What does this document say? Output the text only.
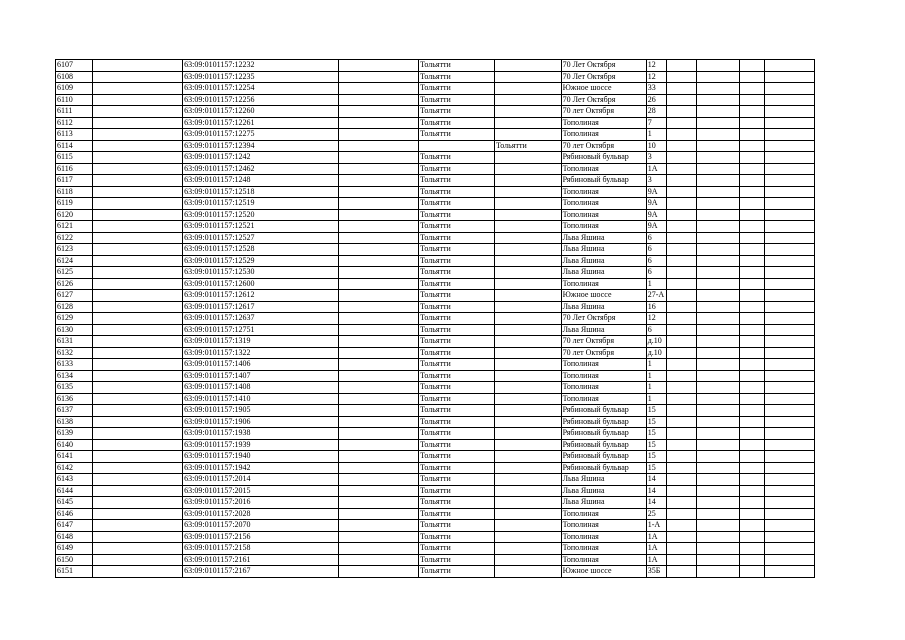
6107		63:09:0101157:12232		Тольятти		70 Лет Октября	12				
6108		63:09:0101157:12235		Тольятти		70 Лет Октября	12				
6109		63:09:0101157:12254		Тольятти		Южное шоссе	33				
6110		63:09:0101157:12256		Тольятти		70 Лет Октября	26				
6111		63:09:0101157:12260		Тольятти		70 лет Октября	28				
6112		63:09:0101157:12261		Тольятти		Тополиная	7				
6113		63:09:0101157:12275		Тольятти		Тополиная	1				
6114		63:09:0101157:12394			Тольятти	70 лет Октября	10				
6115		63:09:0101157:1242		Тольятти		Рябиновый бульвар	3				
6116		63:09:0101157:12462		Тольятти		Тополиная	1А				
6117		63:09:0101157:1248		Тольятти		Рябиновый бульвар	3				
6118		63:09:0101157:12518		Тольятти		Тополиная	9А				
6119		63:09:0101157:12519		Тольятти		Тополиная	9А				
6120		63:09:0101157:12520		Тольятти		Тополиная	9А				
6121		63:09:0101157:12521		Тольятти		Тополиная	9А				
6122		63:09:0101157:12527		Тольятти		Льва Яшина	6				
6123		63:09:0101157:12528		Тольятти		Льва Яшина	6				
6124		63:09:0101157:12529		Тольятти		Льва Яшина	6				
6125		63:09:0101157:12530		Тольятти		Льва Яшина	6				
6126		63:09:0101157:12600		Тольятти		Тополиная	1				
6127		63:09:0101157:12612		Тольятти		Южное шоссе	27-А				
6128		63:09:0101157:12617		Тольятти		Льва Яшина	16				
6129		63:09:0101157:12637		Тольятти		70 Лет Октября	12				
6130		63:09:0101157:12751		Тольятти		Льва Яшина	6				
6131		63:09:0101157:1319		Тольятти		70 лет Октября	д.10				
6132		63:09:0101157:1322		Тольятти		70 лет Октября	д.10				
6133		63:09:0101157:1406		Тольятти		Тополиная	1				
6134		63:09:0101157:1407		Тольятти		Тополиная	1				
6135		63:09:0101157:1408		Тольятти		Тополиная	1				
6136		63:09:0101157:1410		Тольятти		Тополиная	1				
6137		63:09:0101157:1905		Тольятти		Рябиновый бульвар	15				
6138		63:09:0101157:1906		Тольятти		Рябиновый бульвар	15				
6139		63:09:0101157:1938		Тольятти		Рябиновый бульвар	15				
6140		63:09:0101157:1939		Тольятти		Рябиновый бульвар	15				
6141		63:09:0101157:1940		Тольятти		Рябиновый бульвар	15				
6142		63:09:0101157:1942		Тольятти		Рябиновый бульвар	15				
6143		63:09:0101157:2014		Тольятти		Льва Яшина	14				
6144		63:09:0101157:2015		Тольятти		Льва Яшина	14				
6145		63:09:0101157:2016		Тольятти		Льва Яшина	14				
6146		63:09:0101157:2028		Тольятти		Тополиная	25				
6147		63:09:0101157:2070		Тольятти		Тополиная	1-А				
6148		63:09:0101157:2156		Тольятти		Тополиная	1А				
6149		63:09:0101157:2158		Тольятти		Тополиная	1А				
6150		63:09:0101157:2161		Тольятти		Тополиная	1А				
6151		63:09:0101157:2167		Тольятти		Южное шоссе	35Б				
